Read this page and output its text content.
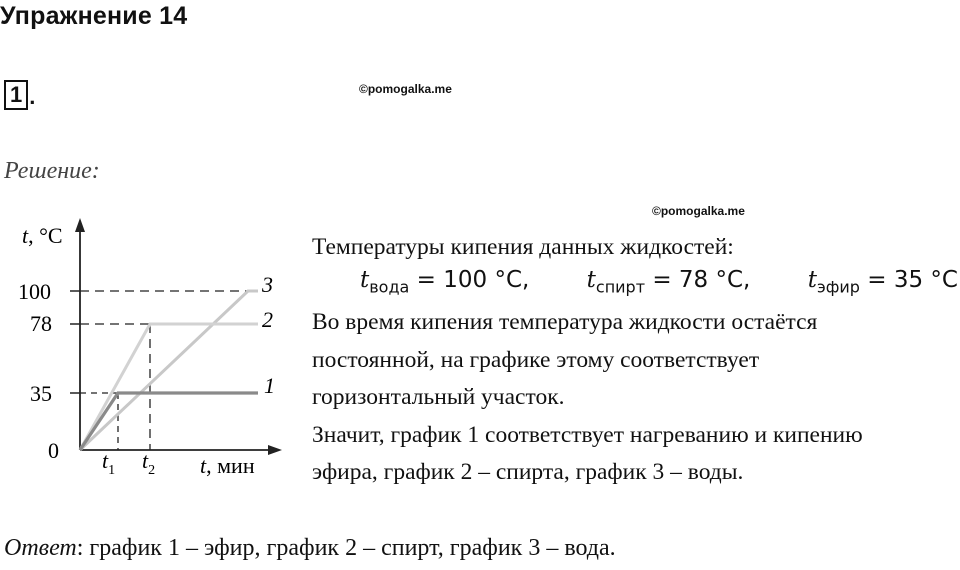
Упражнение 14
1 .	©pomogalka.me
©pomogalka.me
Решение:
t, °С
t, мин
100
78
35
0
3
2
1
$t_1$ $t_2$
Температуры кипения данных жидкостей:
Во время кипения температура жидкости остаётся
постоянной, на графике этому соответствует
горизонтальный участок.
Значит, график 1 соответствует нагреванию и кипению
эфира, график 2 – спирта, график 3 – воды.
$t_{вода} = 100$ °C, $t_{спирт} = 78$ °C, $t_{эфир} = 35$ °C
Ответ: график 1 – эфир, график 2 – спирт, график 3 – вода.
